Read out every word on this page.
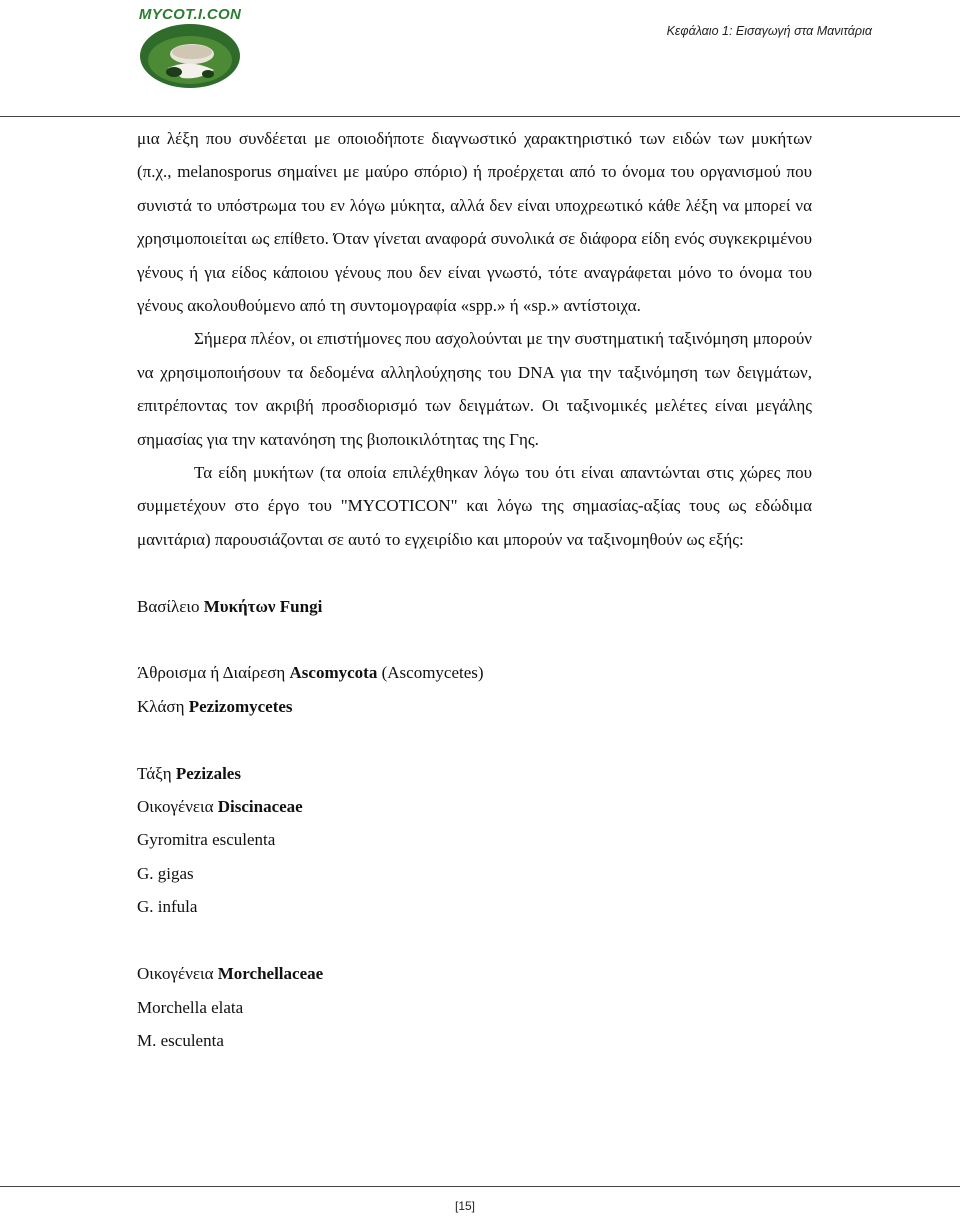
MYCOT.I.CON
Κεφάλαιο 1: Εισαγωγή στα Μανιτάρια

μια λέξη που συνδέεται με οποιοδήποτε διαγνωστικό χαρακτηριστικό των ειδών των μυκήτων (π.χ., melanosporus σημαίνει με μαύρο σπόριο) ή προέρχεται από το όνομα του οργανισμού που συνιστά το υπόστρωμα του εν λόγω μύκητα, αλλά δεν είναι υποχρεωτικό κάθε λέξη να μπορεί να χρησιμοποιείται ως επίθετο. Όταν γίνεται αναφορά συνολικά σε διάφορα είδη ενός συγκεκριμένου γένους ή για είδος κάποιου γένους που δεν είναι γνωστό, τότε αναγράφεται μόνο το όνομα του γένους ακολουθούμενο από τη συντομογραφία «spp.» ή «sp.» αντίστοιχα.

Σήμερα πλέον, οι επιστήμονες που ασχολούνται με την συστηματική ταξινόμηση μπορούν να χρησιμοποιήσουν τα δεδομένα αλληλούχησης του DNA για την ταξινόμηση των δειγμάτων, επιτρέποντας τον ακριβή προσδιορισμό των δειγμάτων. Οι ταξινομικές μελέτες είναι μεγάλης σημασίας για την κατανόηση της βιοποικιλότητας της Γης.

Τα είδη μυκήτων (τα οποία επιλέχθηκαν λόγω του ότι είναι απαντώνται στις χώρες που συμμετέχουν στο έργο του "MYCOTICON" και λόγω της σημασίας-αξίας τους ως εδώδιμα μανιτάρια) παρουσιάζονται σε αυτό το εγχειρίδιο και μπορούν να ταξινομηθούν ως εξής:

Βασίλειο Μυκήτων Fungi
Άθροισμα ή Διαίρεση Ascomycota (Ascomycetes)
Κλάση Pezizomycetes
Τάξη Pezizales
Οικογένεια Discinaceae
Gyromitra esculenta
G. gigas
G. infula
Οικογένεια Morchellaceae
Morchella elata
M. esculenta
[15]
